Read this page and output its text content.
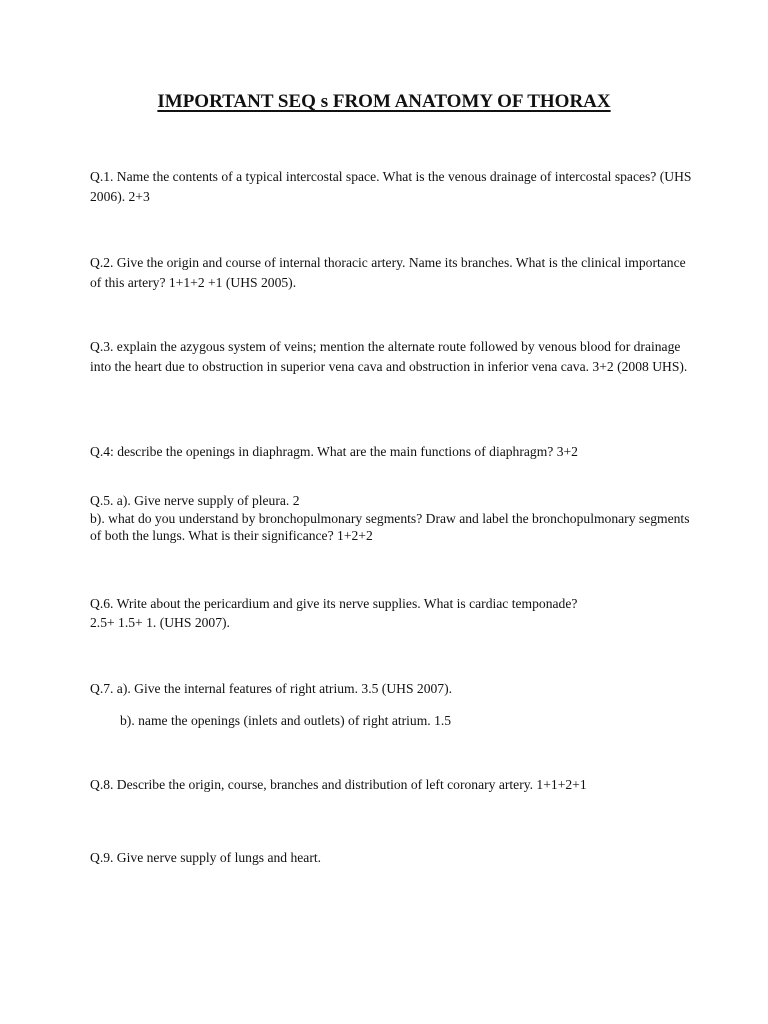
IMPORTANT SEQ s FROM ANATOMY OF THORAX

Q.1. Name the contents of a typical intercostal space. What is the venous drainage of intercostal spaces? (UHS 2006). 2+3

Q.2. Give the origin and course of internal thoracic artery. Name its branches. What is the clinical importance of this artery? 1+1+2 +1 (UHS 2005).

Q.3. explain the azygous system of veins; mention the alternate route followed by venous blood for drainage into the heart due to obstruction in superior vena cava and obstruction in inferior vena cava. 3+2 (2008 UHS).

Q.4: describe the openings in diaphragm. What are the main functions of diaphragm? 3+2

Q.5. a). Give nerve supply of pleura. 2

b). what do you understand by bronchopulmonary segments? Draw and label the bronchopulmonary segments of both the lungs. What is their significance? 1+2+2

Q.6. Write about the pericardium and give its nerve supplies. What is cardiac temponade?

2.5+ 1.5+ 1. (UHS 2007).

Q.7. a). Give the internal features of right atrium. 3.5 (UHS 2007).

b). name the openings (inlets and outlets) of right atrium. 1.5

Q.8. Describe the origin, course, branches and distribution of left coronary artery. 1+1+2+1

Q.9. Give nerve supply of lungs and heart.
